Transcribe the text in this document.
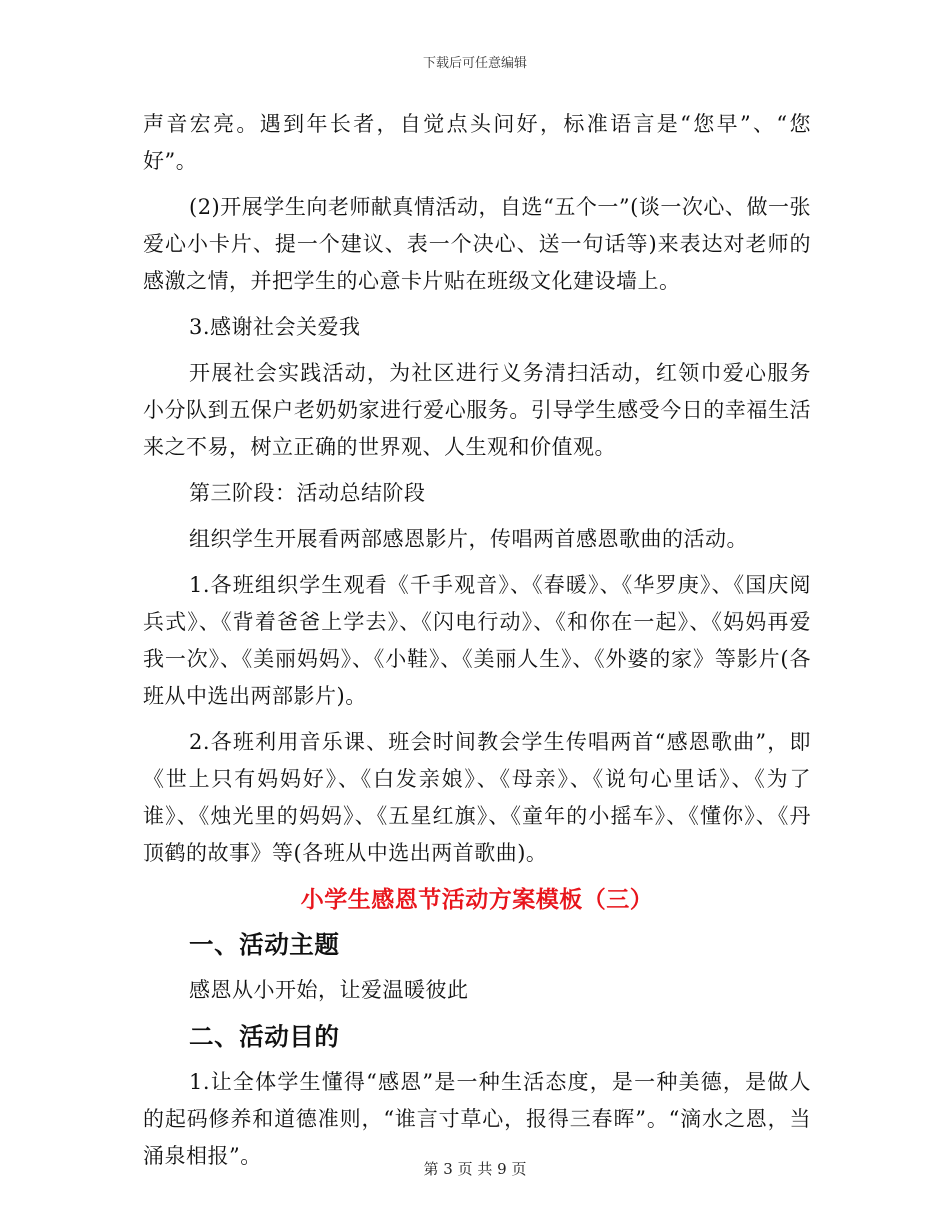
下载后可任意编辑

声音宏亮。遇到年长者，自觉点头问好，标准语言是“您早”、“您好”。

(2)开展学生向老师献真情活动，自选“五个一”(谈一次心、做一张爱心小卡片、提一个建议、表一个决心、送一句话等)来表达对老师的感激之情，并把学生的心意卡片贴在班级文化建设墙上。

3.感谢社会关爱我

开展社会实践活动，为社区进行义务清扫活动，红领巾爱心服务小分队到五保户老奶奶家进行爱心服务。引导学生感受今日的幸福生活来之不易，树立正确的世界观、人生观和价值观。

第三阶段：活动总结阶段

组织学生开展看两部感恩影片，传唱两首感恩歌曲的活动。

1.各班组织学生观看《千手观音》、《春暖》、《华罗庚》、《国庆阅兵式》、《背着爸爸上学去》、《闪电行动》、《和你在一起》、《妈妈再爱我一次》、《美丽妈妈》、《小鞋》、《美丽人生》、《外婆的家》等影片(各班从中选出两部影片)。

2.各班利用音乐课、班会时间教会学生传唱两首“感恩歌曲”，即《世上只有妈妈好》、《白发亲娘》、《母亲》、《说句心里话》、《为了谁》、《烛光里的妈妈》、《五星红旗》、《童年的小摇车》、《懂你》、《丹顶鹤的故事》等(各班从中选出两首歌曲)。

小学生感恩节活动方案模板（三）
一、活动主题

感恩从小开始，让爱温暖彼此

二、活动目的

1.让全体学生懂得“感恩”是一种生活态度，是一种美德，是做人的起码修养和道德准则，“谁言寸草心，报得三春晖”。“滴水之恩，当涌泉相报”。

第 3 页 共 9 页
